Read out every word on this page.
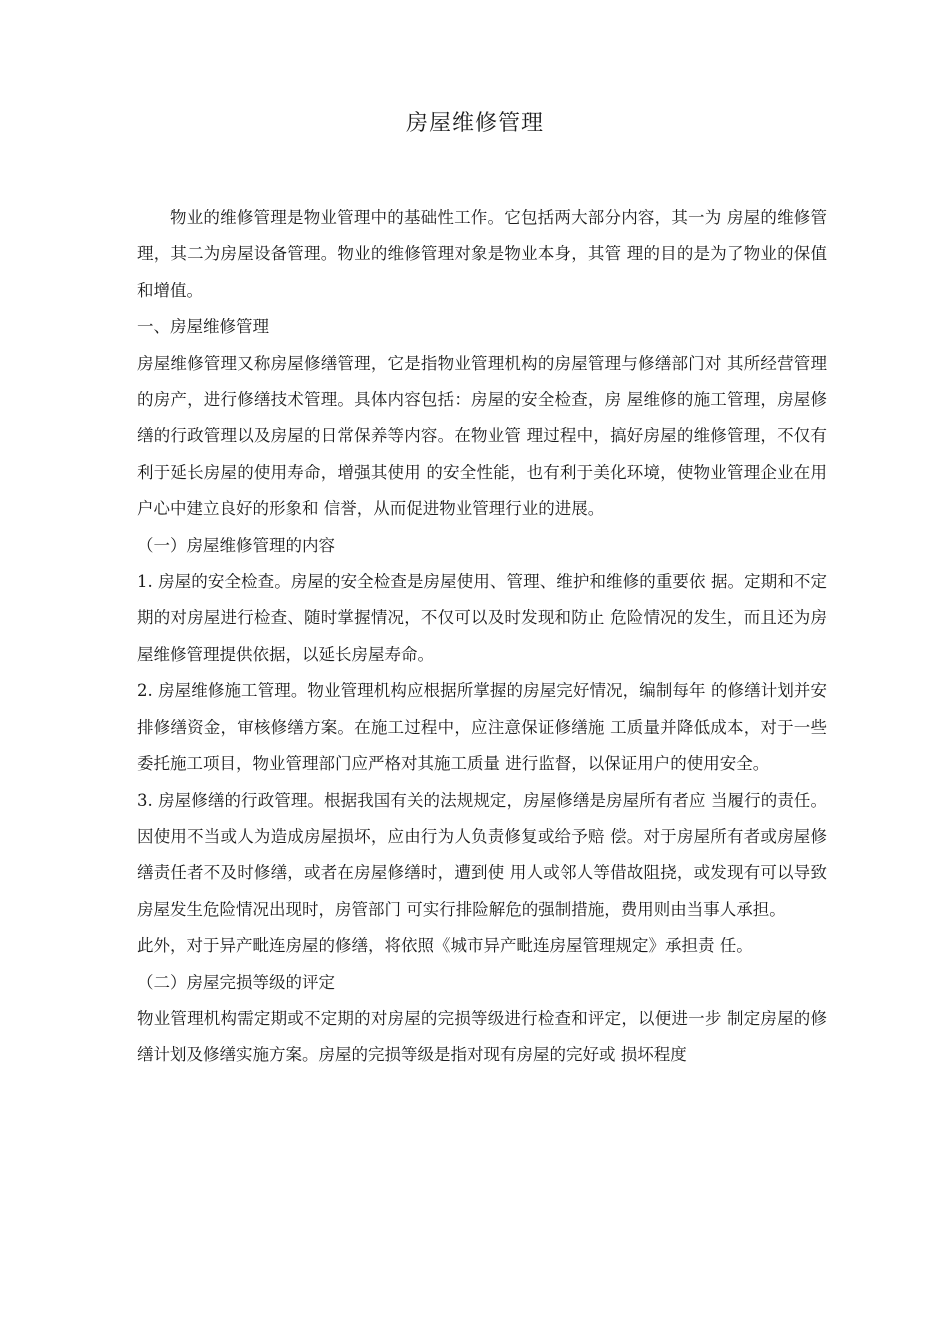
房屋维修管理

物业的维修管理是物业管理中的基础性工作。它包括两大部分内容，其一为 房屋的维修管理，其二为房屋设备管理。物业的维修管理对象是物业本身，其管 理的目的是为了物业的保值和增值。

一、房屋维修管理

房屋维修管理又称房屋修缮管理，它是指物业管理机构的房屋管理与修缮部门对 其所经营管理的房产，进行修缮技术管理。具体内容包括：房屋的安全检查，房 屋维修的施工管理，房屋修缮的行政管理以及房屋的日常保养等内容。在物业管 理过程中，搞好房屋的维修管理，不仅有利于延长房屋的使用寿命，增强其使用 的安全性能，也有利于美化环境，使物业管理企业在用户心中建立良好的形象和 信誉，从而促进物业管理行业的进展。

（一）房屋维修管理的内容

1. 房屋的安全检查。房屋的安全检查是房屋使用、管理、维护和维修的重要依 据。定期和不定期的对房屋进行检查、随时掌握情况，不仅可以及时发现和防止 危险情况的发生，而且还为房屋维修管理提供依据，以延长房屋寿命。

2. 房屋维修施工管理。物业管理机构应根据所掌握的房屋完好情况，编制每年 的修缮计划并安排修缮资金，审核修缮方案。在施工过程中，应注意保证修缮施 工质量并降低成本，对于一些委托施工项目，物业管理部门应严格对其施工质量 进行监督，以保证用户的使用安全。

3. 房屋修缮的行政管理。根据我国有关的法规规定，房屋修缮是房屋所有者应 当履行的责任。因使用不当或人为造成房屋损坏，应由行为人负责修复或给予赔 偿。对于房屋所有者或房屋修缮责任者不及时修缮，或者在房屋修缮时，遭到使 用人或邻人等借故阻挠，或发现有可以导致房屋发生危险情况出现时，房管部门 可实行排险解危的强制措施，费用则由当事人承担。

此外，对于异产毗连房屋的修缮，将依照《城市异产毗连房屋管理规定》承担责 任。

（二）房屋完损等级的评定

物业管理机构需定期或不定期的对房屋的完损等级进行检查和评定，以便进一步 制定房屋的修缮计划及修缮实施方案。房屋的完损等级是指对现有房屋的完好或 损坏程度
